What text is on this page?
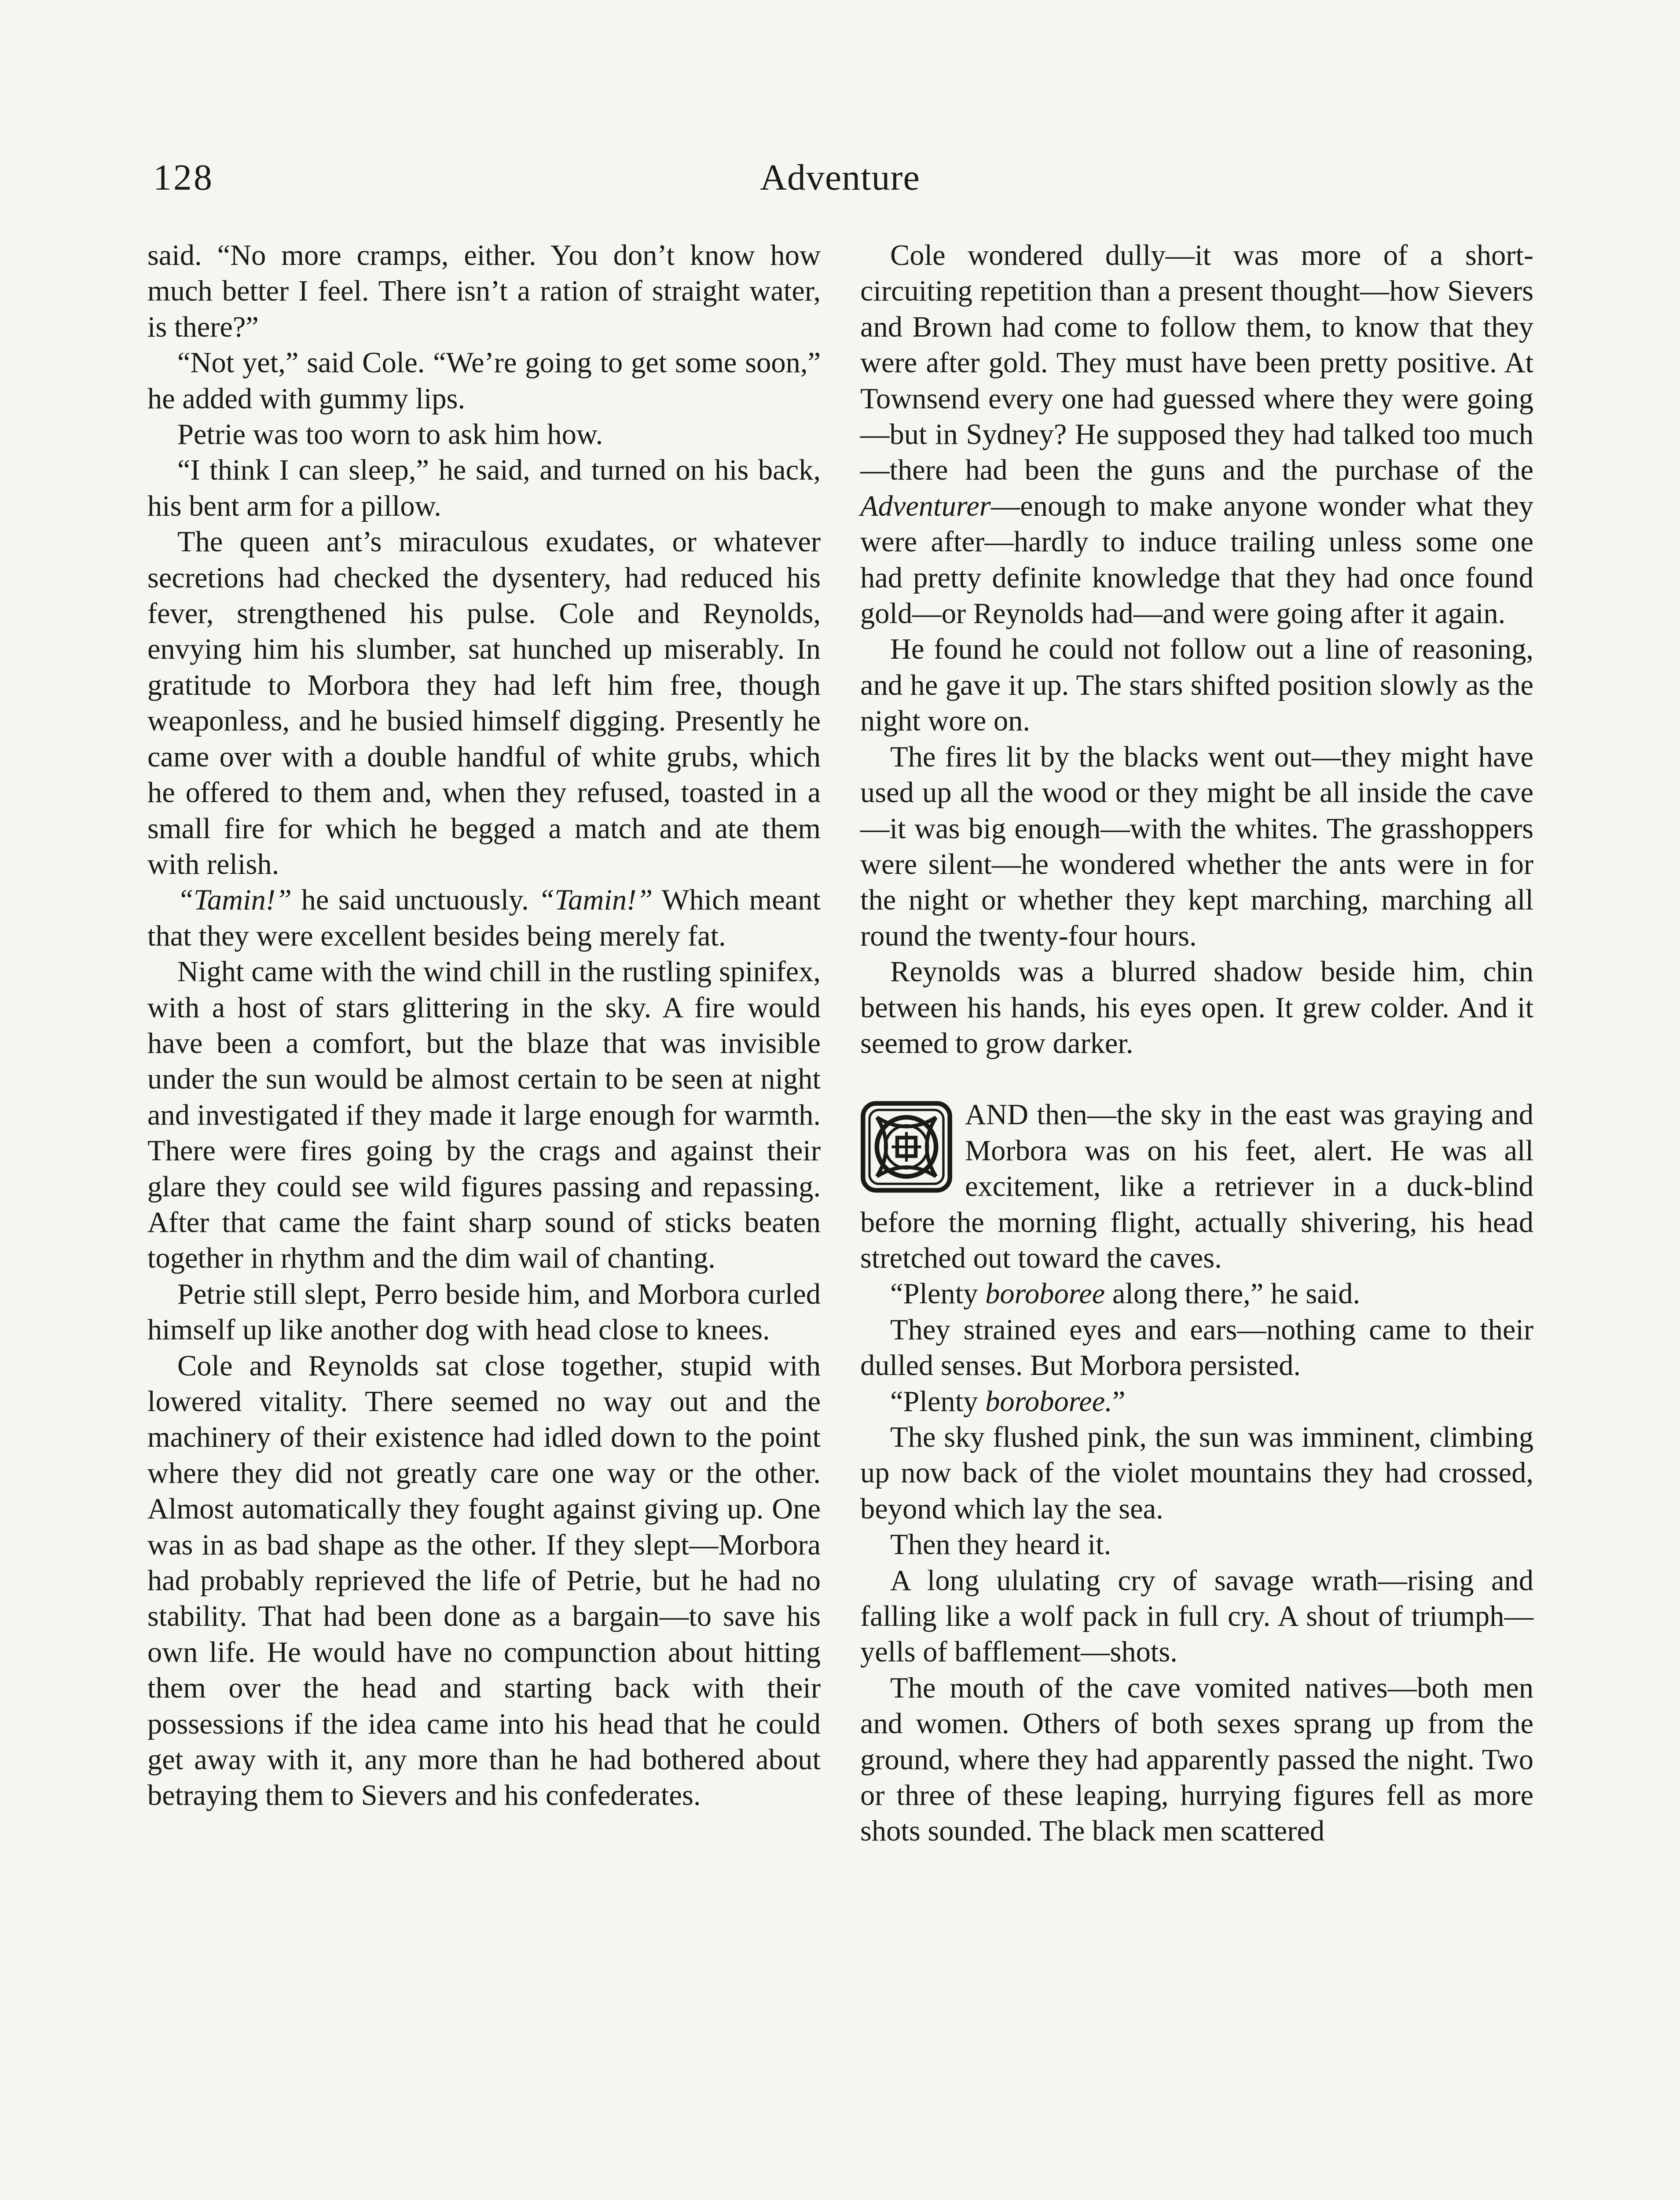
128	Adventure

said. “No more cramps, either. You don’t know how much better I feel. There isn’t a ration of straight water, is there?”

“Not yet,” said Cole. “We’re going to get some soon,” he added with gummy lips.

Petrie was too worn to ask him how.

“I think I can sleep,” he said, and turned on his back, his bent arm for a pillow.

The queen ant’s miraculous exudates, or whatever secretions had checked the dysentery, had reduced his fever, strengthened his pulse. Cole and Reynolds, envying him his slumber, sat hunched up miserably. In gratitude to Morbora they had left him free, though weaponless, and he busied himself digging. Presently he came over with a double handful of white grubs, which he offered to them and, when they refused, toasted in a small fire for which he begged a match and ate them with relish.

“Tamin!” he said unctuously. “Tamin!” Which meant that they were excellent besides being merely fat.

Night came with the wind chill in the rustling spinifex, with a host of stars glittering in the sky. A fire would have been a comfort, but the blaze that was invisible under the sun would be almost certain to be seen at night and investigated if they made it large enough for warmth. There were fires going by the crags and against their glare they could see wild figures passing and repassing. After that came the faint sharp sound of sticks beaten together in rhythm and the dim wail of chanting.

Petrie still slept, Perro beside him, and Morbora curled himself up like another dog with head close to knees.

Cole and Reynolds sat close together, stupid with lowered vitality. There seemed no way out and the machinery of their existence had idled down to the point where they did not greatly care one way or the other. Almost automatically they fought against giving up. One was in as bad shape as the other. If they slept—Morbora had probably reprieved the life of Petrie, but he had no stability. That had been done as a bargain—to save his own life. He would have no compunction about hitting them over the head and starting back with their possessions if the idea came into his head that he could get away with it, any more than he had bothered about betraying them to Sievers and his confederates.

Cole wondered dully—it was more of a short-circuiting repetition than a present thought—how Sievers and Brown had come to follow them, to know that they were after gold. They must have been pretty positive. At Townsend every one had guessed where they were going—but in Sydney? He supposed they had talked too much—there had been the guns and the purchase of the Adventurer—enough to make anyone wonder what they were after—hardly to induce trailing unless some one had pretty definite knowledge that they had once found gold—or Reynolds had—and were going after it again.

He found he could not follow out a line of reasoning, and he gave it up. The stars shifted position slowly as the night wore on.

The fires lit by the blacks went out—they might have used up all the wood or they might be all inside the cave—it was big enough—with the whites. The grasshoppers were silent—he wondered whether the ants were in for the night or whether they kept marching, marching all round the twenty-four hours.

Reynolds was a blurred shadow beside him, chin between his hands, his eyes open. It grew colder. And it seemed to grow darker.

AND then—the sky in the east was graying and Morbora was on his feet, alert. He was all excitement, like a retriever in a duck-blind before the morning flight, actually shivering, his head stretched out toward the caves.

“Plenty boroboree along there,” he said.

They strained eyes and ears—nothing came to their dulled senses. But Morbora persisted.

“Plenty boroboree.”

The sky flushed pink, the sun was imminent, climbing up now back of the violet mountains they had crossed, beyond which lay the sea.

Then they heard it.

A long ululating cry of savage wrath—rising and falling like a wolf pack in full cry. A shout of triumph—yells of bafflement—shots.

The mouth of the cave vomited natives—both men and women. Others of both sexes sprang up from the ground, where they had apparently passed the night. Two or three of these leaping, hurrying figures fell as more shots sounded. The black men scattered
